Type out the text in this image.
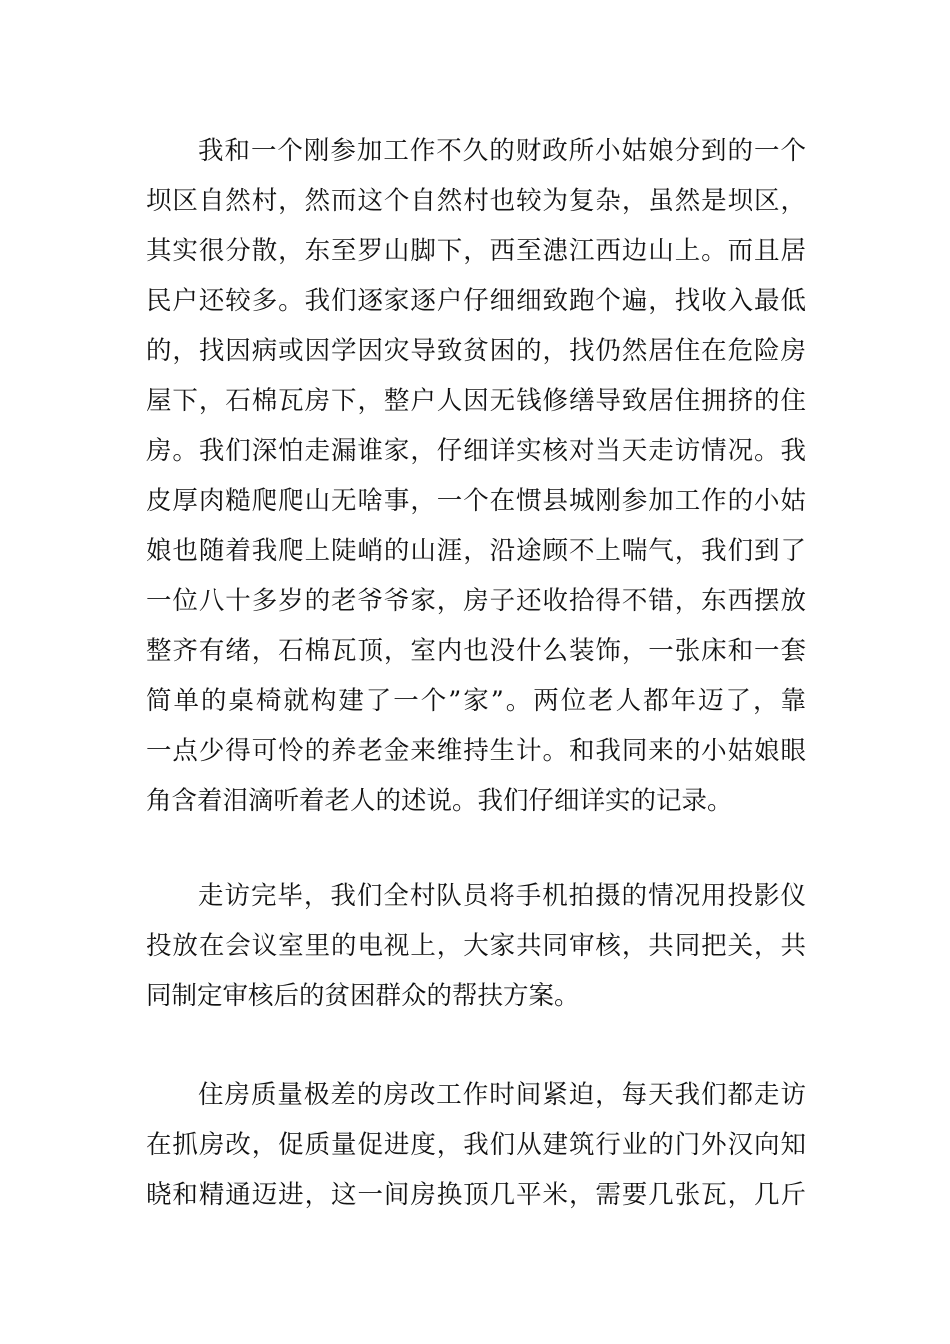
我和一个刚参加工作不久的财政所小姑娘分到的一个
坝区自然村，然而这个自然村也较为复杂，虽然是坝区，
其实很分散，东至罗山脚下，西至漶江西边山上。而且居
民户还较多。我们逐家逐户仔细细致跑个遍，找收入最低
的，找因病或因学因灾导致贫困的，找仍然居住在危险房
屋下，石棉瓦房下，整户人因无钱修缮导致居住拥挤的住
房。我们深怕走漏谁家，仔细详实核对当天走访情况。我
皮厚肉糙爬爬山无啥事，一个在惯县城刚参加工作的小姑
娘也随着我爬上陡峭的山涯，沿途顾不上喘气，我们到了
一位八十多岁的老爷爷家，房子还收拾得不错，东西摆放
整齐有绪，石棉瓦顶，室内也没什么装饰，一张床和一套
简单的桌椅就构建了一个”家”。两位老人都年迈了，靠
一点少得可怜的养老金来维持生计。和我同来的小姑娘眼
角含着泪滴听着老人的述说。我们仔细详实的记录。
走访完毕，我们全村队员将手机拍摄的情况用投影仪
投放在会议室里的电视上，大家共同审核，共同把关，共
同制定审核后的贫困群众的帮扶方案。
住房质量极差的房改工作时间紧迫，每天我们都走访
在抓房改，促质量促进度，我们从建筑行业的门外汉向知
晓和精通迈进，这一间房换顶几平米，需要几张瓦，几斤
